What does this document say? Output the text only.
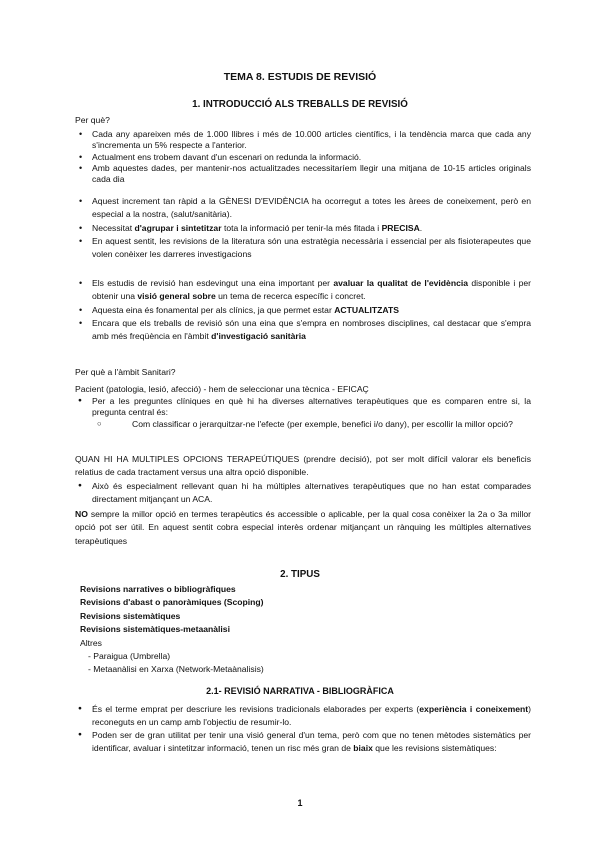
TEMA 8. ESTUDIS DE REVISIÓ
1. INTRODUCCIÓ ALS TREBALLS DE REVISIÓ
Per què?
• Cada any apareixen més de 1.000 llibres i més de 10.000 articles científics, i la tendència marca que cada any s'incrementa un 5% respecte a l'anterior.
• Actualment ens trobem davant d'un escenari on redunda la informació.
• Amb aquestes dades, per mantenir-nos actualitzades necessitaríem llegir una mitjana de 10-15 articles originals cada dia
• Aquest increment tan ràpid a la GÈNESI D'EVIDÈNCIA ha ocorregut a totes les àrees de coneixement, però en especial a la nostra, (salut/sanitària).
• Necessitat d'agrupar i sintetitzar tota la informació per tenir-la més fitada i PRECISA.
• En aquest sentit, les revisions de la literatura són una estratègia necessària i essencial per als fisioterapeutes que volen conèixer les darreres investigacions
• Els estudis de revisió han esdevingut una eina important per avaluar la qualitat de l'evidència disponible i per obtenir una visió general sobre un tema de recerca específic i concret.
• Aquesta eina és fonamental per als clínics, ja que permet estar ACTUALITZATS
• Encara que els treballs de revisió són una eina que s'empra en nombroses disciplines, cal destacar que s'empra amb més freqüència en l'àmbit d'investigació sanitària
Per què a l'àmbit Sanitari?
Pacient (patologia, lesió, afecció) - hem de seleccionar una tècnica - EFICAÇ
● Per a les preguntes clíniques en què hi ha diverses alternatives terapèutiques que es comparen entre si, la pregunta central és:
○ Com classificar o jerarquitzar-ne l'efecte (per exemple, benefici i/o dany), per escollir la millor opció?

QUAN HI HA MULTIPLES OPCIONS TERAPEÚTIQUES (prendre decisió), pot ser molt difícil valorar els beneficis relatius de cada tractament versus una altra opció disponible.

● Això és especialment rellevant quan hi ha múltiples alternatives terapèutiques que no han estat comparades directament mitjançant un ACA.

NO sempre la millor opció en termes terapèutics és accessible o aplicable, per la qual cosa conèixer la 2a o 3a millor opció pot ser útil. En aquest sentit cobra especial interès ordenar mitjançant un rànquing les múltiples alternatives terapèutiques

2. TIPUS
Revisions narratives o bibliogràfiques
Revisions d'abast o panoràmiques (Scoping)
Revisions sistemàtiques
Revisions sistemàtiques-metaanàlisi
Altres
- Paraigua (Umbrella)
- Metaanàlisi en Xarxa (Network-Metaànalisis)
2.1- REVISIÓ NARRATIVA - BIBLIOGRÀFICA
● És el terme emprat per descriure les revisions tradicionals elaborades per experts (experiència i coneixement) reconeguts en un camp amb l'objectiu de resumir-lo.
● Poden ser de gran utilitat per tenir una visió general d'un tema, però com que no tenen mètodes sistemàtics per identificar, avaluar i sintetitzar informació, tenen un risc més gran de biaix que les revisions sistemàtiques:
1
